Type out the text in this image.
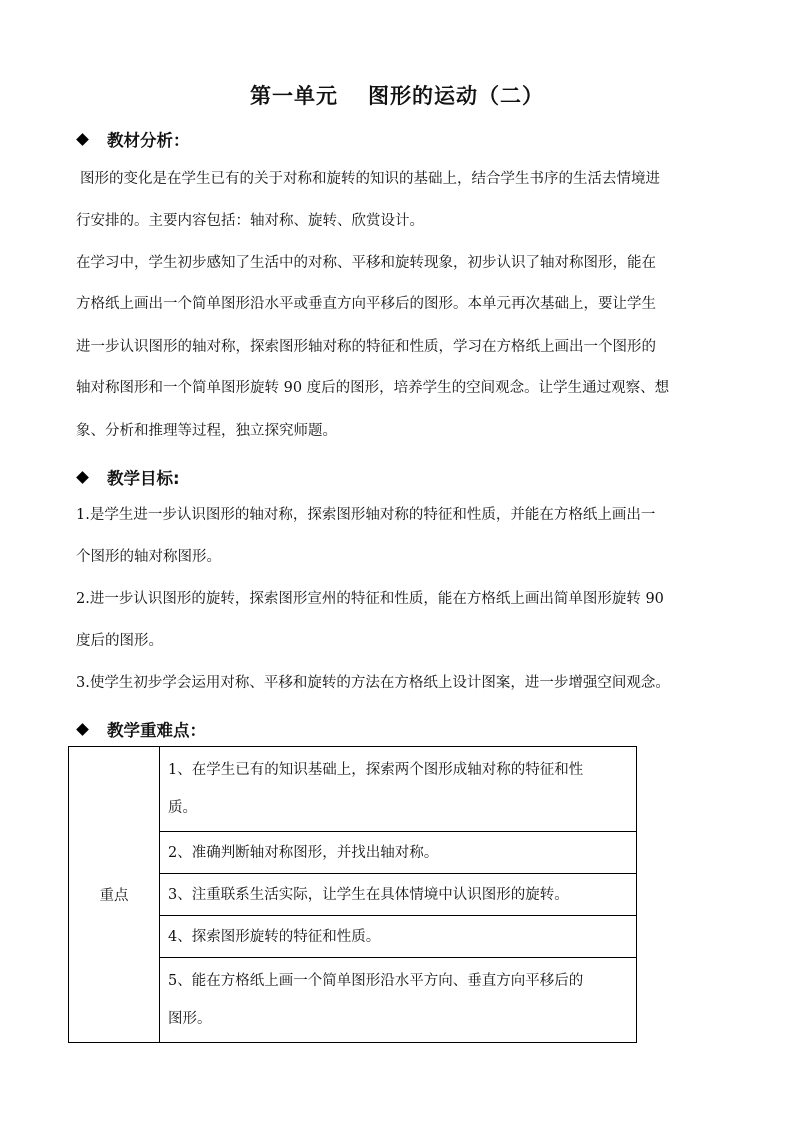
第一单元 图形的运动（二）
教材分析：
图形的变化是在学生已有的关于对称和旋转的知识的基础上，结合学生书序的生活去情境进
行安排的。主要内容包括：轴对称、旋转、欣赏设计。
在学习中，学生初步感知了生活中的对称、平移和旋转现象，初步认识了轴对称图形，能在
方格纸上画出一个简单图形沿水平或垂直方向平移后的图形。本单元再次基础上，要让学生
进一步认识图形的轴对称，探索图形轴对称的特征和性质，学习在方格纸上画出一个图形的
轴对称图形和一个简单图形旋转 90 度后的图形，培养学生的空间观念。让学生通过观察、想
象、分析和推理等过程，独立探究师题。
教学目标:
1.是学生进一步认识图形的轴对称，探索图形轴对称的特征和性质，并能在方格纸上画出一
个图形的轴对称图形。
2.进一步认识图形的旋转，探索图形宣州的特征和性质，能在方格纸上画出简单图形旋转 90
度后的图形。
3.使学生初步学会运用对称、平移和旋转的方法在方格纸上设计图案，进一步增强空间观念。
教学重难点：
重点	
1、在学生已有的知识基础上，探索两个图形成轴对称的特征和性
质。

2、准确判断轴对称图形，并找出轴对称。

3、注重联系生活实际，让学生在具体情境中认识图形的旋转。

4、探索图形旋转的特征和性质。

5、能在方格纸上画一个简单图形沿水平方向、垂直方向平移后的
图形。
